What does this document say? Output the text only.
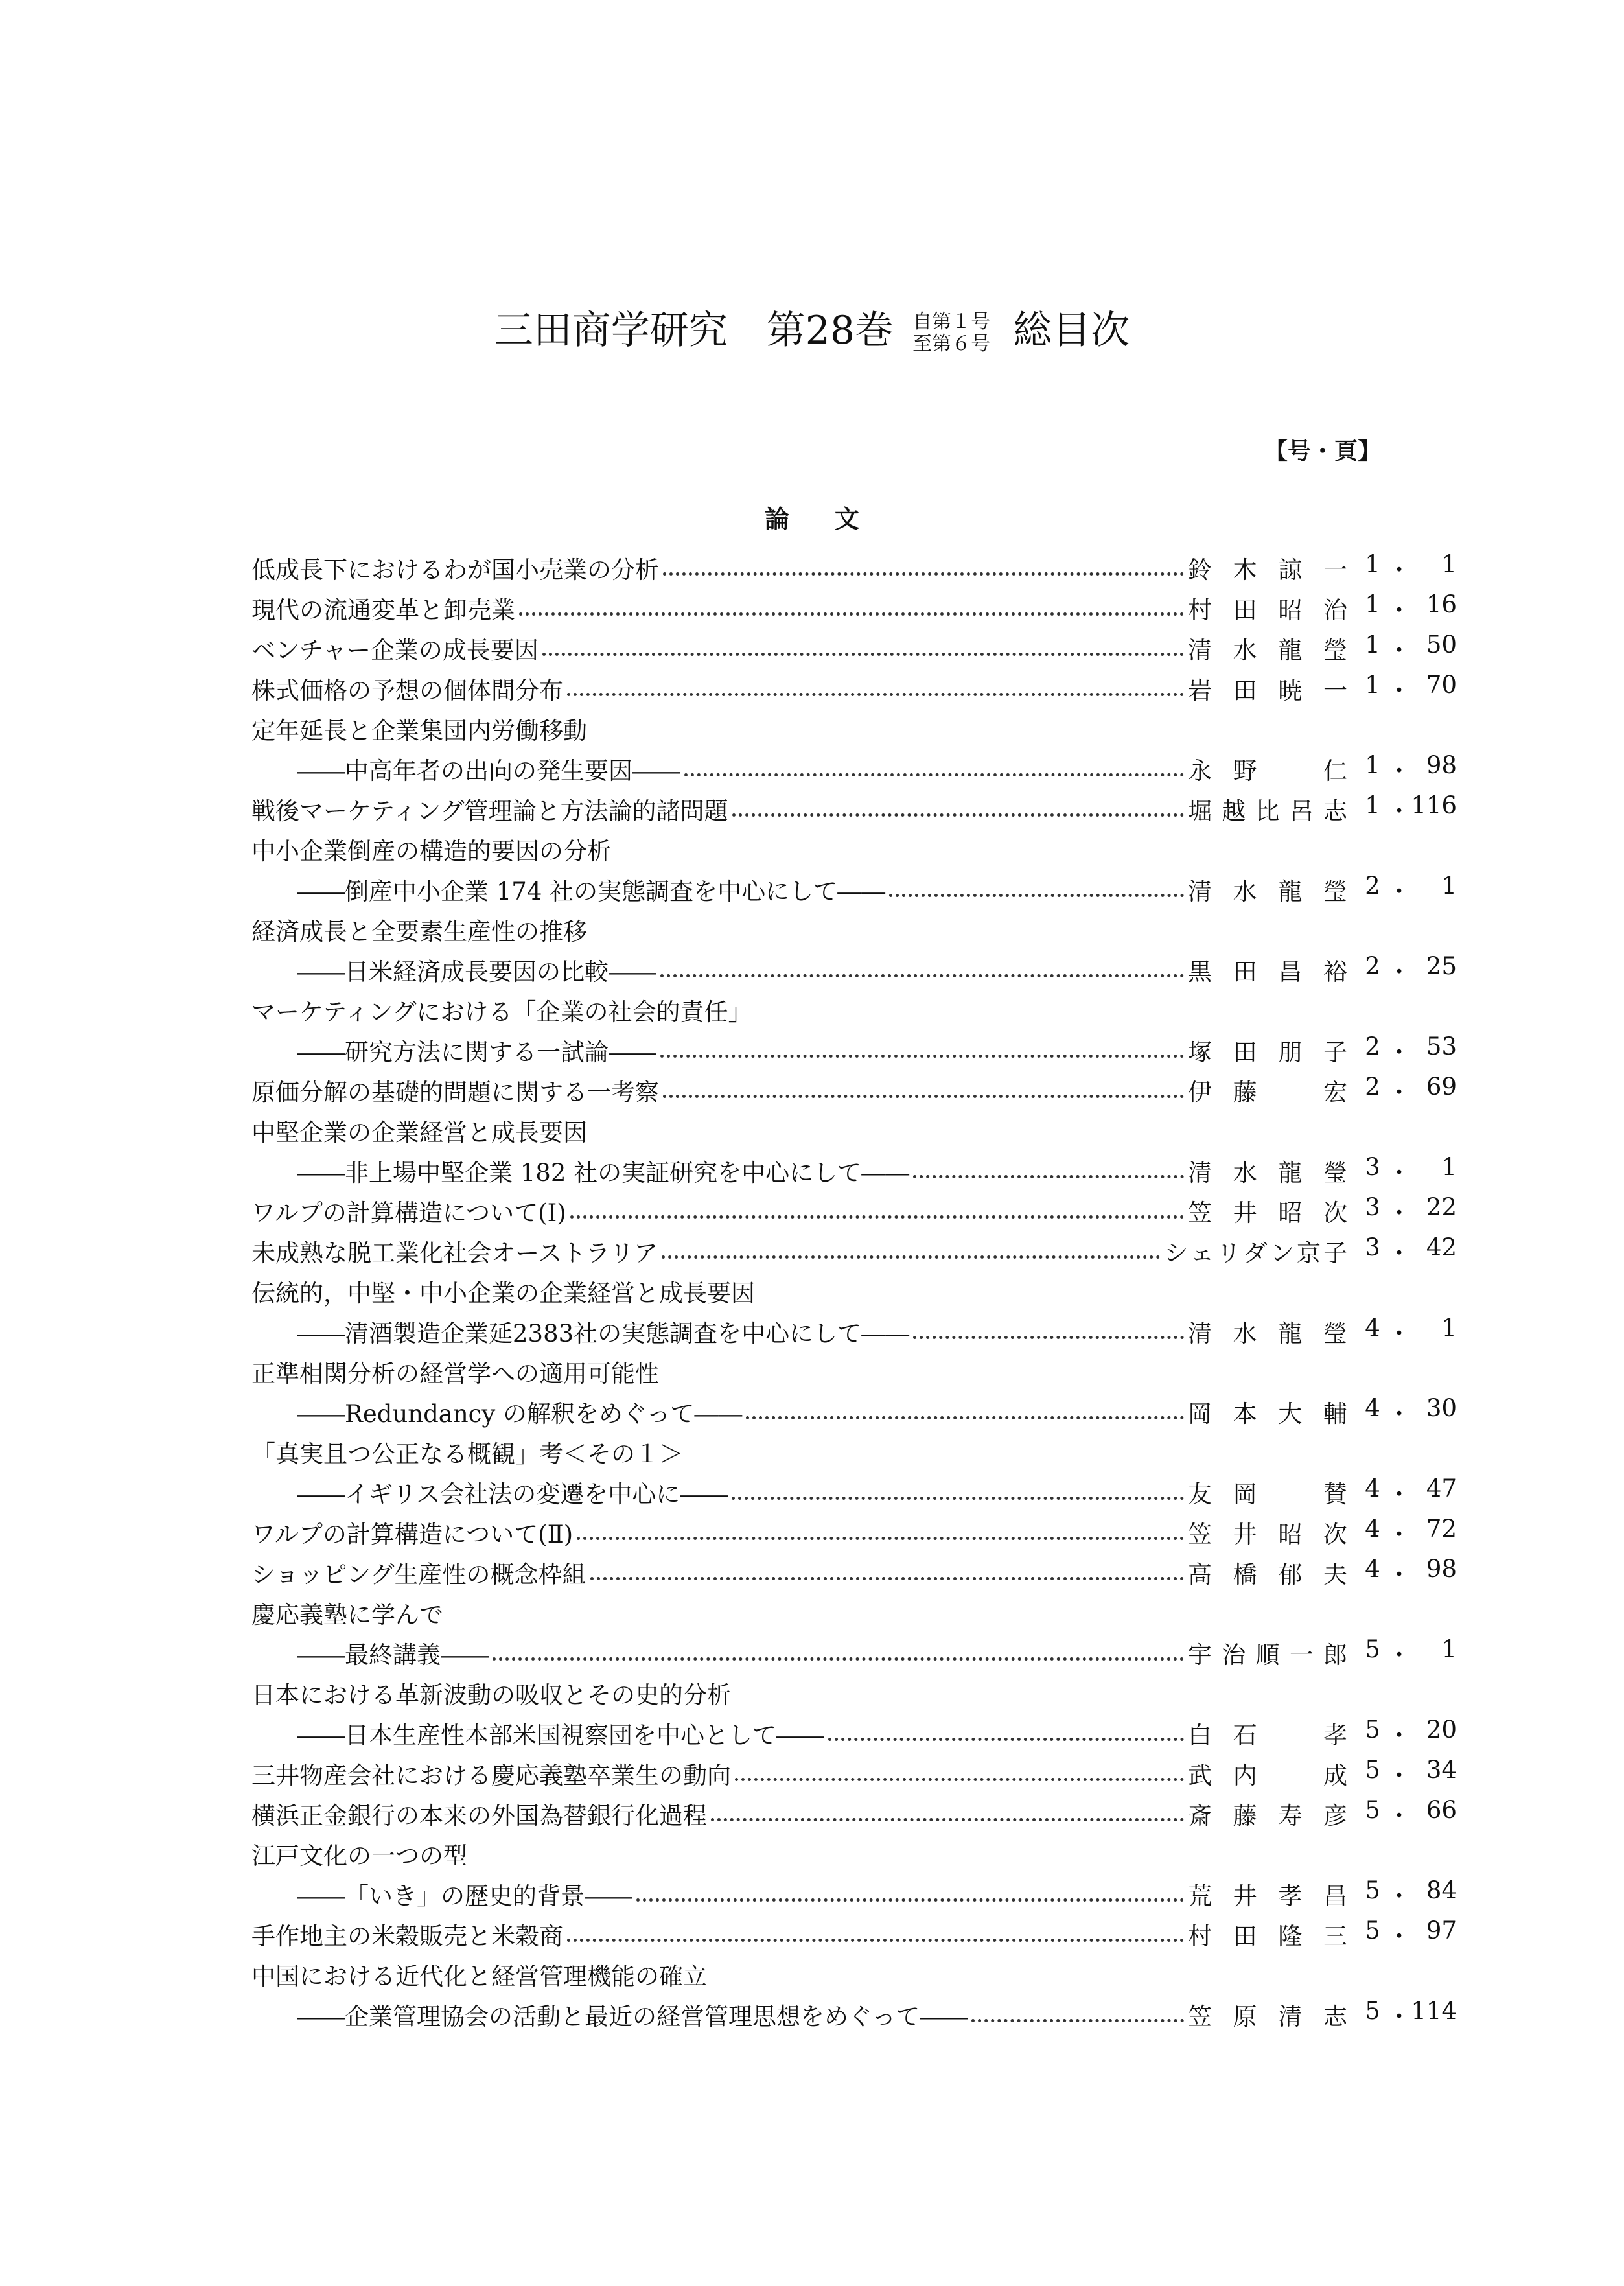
三田商学研究　第28巻 自第１号
至第６号 総目次
【号・頁】
論文
低成長下におけるわが国小売業の分析	鈴木諒一 1 ・	1
現代の流通変革と卸売業	村田昭治 1 ・ 16
ベンチャー企業の成長要因	清水龍瑩 1 ・ 50
株式価格の予想の個体間分布	岩田暁一 1 ・ 70
定年延長と企業集団内労働移動
――中高年者の出向の発生要因――	永野　仁 1 ・ 98
戦後マーケティング管理論と方法論的諸問題	堀越比呂志 1 ・ 116
中小企業倒産の構造的要因の分析
――倒産中小企業 174 社の実態調査を中心にして――	清水龍瑩 2 ・	1
経済成長と全要素生産性の推移
――日米経済成長要因の比較――	黒田昌裕 2 ・ 25
マーケティングにおける「企業の社会的責任」
――研究方法に関する一試論――	塚田朋子 2 ・ 53
原価分解の基礎的問題に関する一考察	伊藤　宏 2 ・ 69
中堅企業の企業経営と成長要因
――非上場中堅企業 182 社の実証研究を中心にして――	清水龍瑩 3 ・	1
ワルプの計算構造について(Ⅰ)	笠井昭次 3 ・ 22
未成熟な脱工業化社会オーストラリア	シェリダン京子 3 ・ 42
伝統的，中堅・中小企業の企業経営と成長要因
――清酒製造企業延2383社の実態調査を中心にして――	清水龍瑩 4 ・	1
正準相関分析の経営学への適用可能性
――Redundancy の解釈をめぐって――	岡本大輔 4 ・ 30
「真実且つ公正なる概観」考＜その１＞
――イギリス会社法の変遷を中心に――	友岡　賛 4 ・ 47
ワルプの計算構造について(Ⅱ)	笠井昭次 4 ・ 72
ショッピング生産性の概念枠組	高橋郁夫 4 ・ 98
慶応義塾に学んで
――最終講義――	宇治順一郎 5 ・	1
日本における革新波動の吸収とその史的分析
――日本生産性本部米国視察団を中心として――	白石　孝 5 ・ 20
三井物産会社における慶応義塾卒業生の動向	武内　成 5 ・ 34
横浜正金銀行の本来の外国為替銀行化過程	斎藤寿彦 5 ・ 66
江戸文化の一つの型
――「いき」の歴史的背景――	荒井孝昌 5 ・ 84
手作地主の米穀販売と米穀商	村田隆三 5 ・ 97
中国における近代化と経営管理機能の確立
――企業管理協会の活動と最近の経営管理思想をめぐって――	笠原清志 5 ・ 114
